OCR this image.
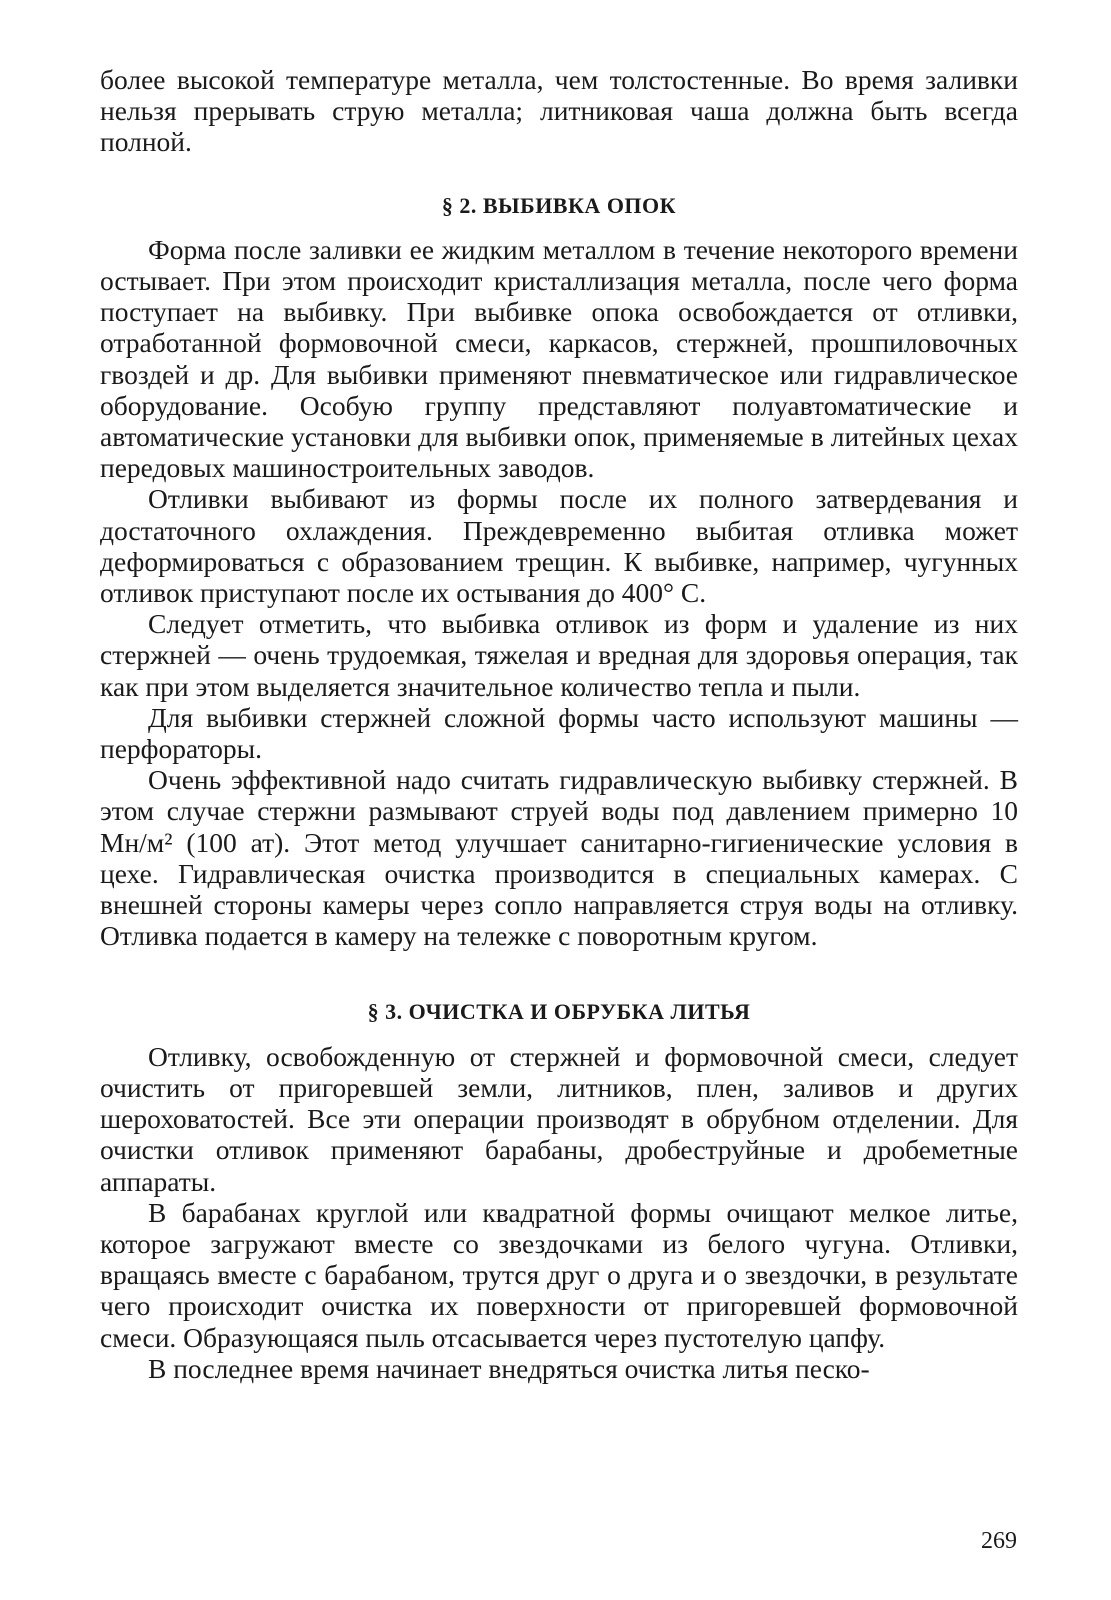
более высокой температуре металла, чем толстостенные. Во время заливки нельзя прерывать струю металла; литниковая чаша должна быть всегда полной.

§ 2. ВЫБИВКА ОПОК

Форма после заливки ее жидким металлом в течение некоторого времени остывает. При этом происходит кристаллизация металла, после чего форма поступает на выбивку. При выбивке опока освобождается от отливки, отработанной формовочной смеси, каркасов, стержней, прошпиловочных гвоздей и др. Для выбивки применяют пневматическое или гидравлическое оборудование. Особую группу представляют полуавтоматические и автоматические установки для выбивки опок, применяемые в литейных цехах передовых машиностроительных заводов.

Отливки выбивают из формы после их полного затвердевания и достаточного охлаждения. Преждевременно выбитая отливка может деформироваться с образованием трещин. К выбивке, например, чугунных отливок приступают после их остывания до 400° С.

Следует отметить, что выбивка отливок из форм и удаление из них стержней — очень трудоемкая, тяжелая и вредная для здоровья операция, так как при этом выделяется значительное количество тепла и пыли.

Для выбивки стержней сложной формы часто используют машины — перфораторы.

Очень эффективной надо считать гидравлическую выбивку стержней. В этом случае стержни размывают струей воды под давлением примерно 10 Мн/м² (100 ат). Этот метод улучшает санитарно-гигиенические условия в цехе. Гидравлическая очистка производится в специальных камерах. С внешней стороны камеры через сопло направляется струя воды на отливку. Отливка подается в камеру на тележке с поворотным кругом.

§ 3. ОЧИСТКА И ОБРУБКА ЛИТЬЯ

Отливку, освобожденную от стержней и формовочной смеси, следует очистить от пригоревшей земли, литников, плен, заливов и других шероховатостей. Все эти операции производят в обрубном отделении. Для очистки отливок применяют барабаны, дробеструйные и дробеметные аппараты.

В барабанах круглой или квадратной формы очищают мелкое литье, которое загружают вместе со звездочками из белого чугуна. Отливки, вращаясь вместе с барабаном, трутся друг о друга и о звездочки, в результате чего происходит очистка их поверхности от пригоревшей формовочной смеси. Образующаяся пыль отсасывается через пустотелую цапфу.

В последнее время начинает внедряться очистка литья песко-

269
